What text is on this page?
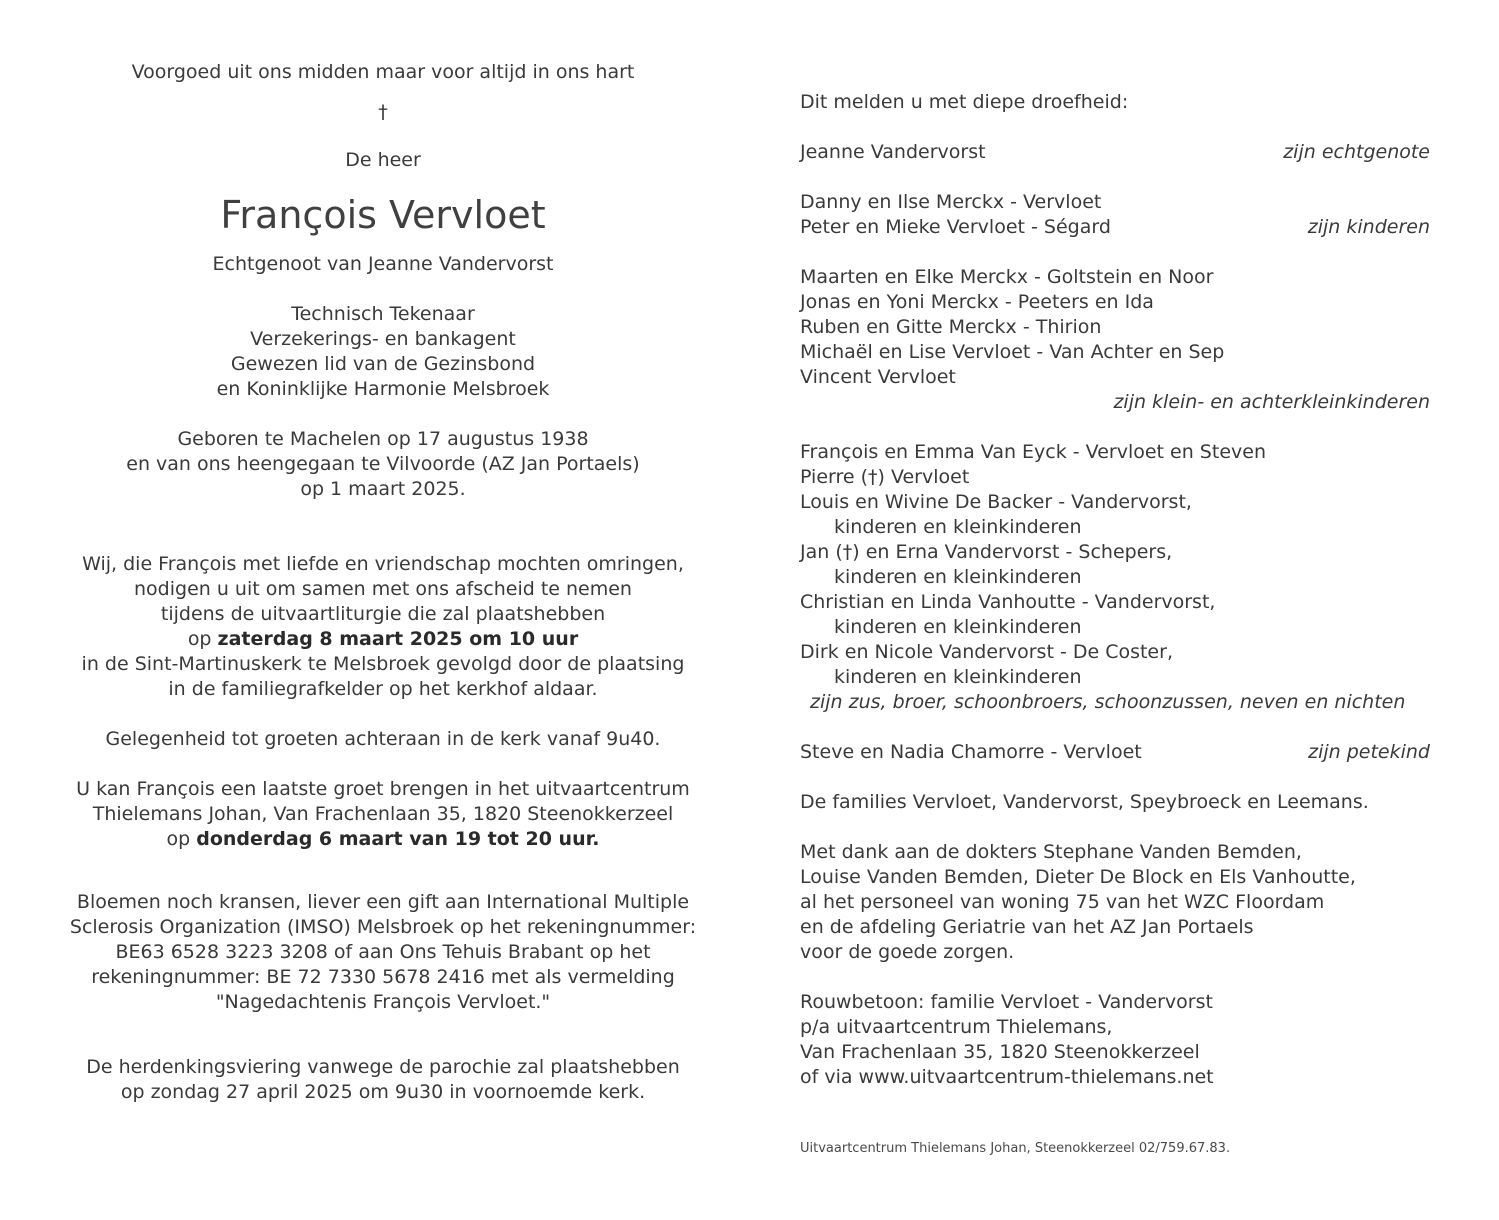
Voorgoed uit ons midden maar voor altijd in ons hart
†
De heer
François Vervloet
Echtgenoot van Jeanne Vandervorst
Technisch Tekenaar
Verzekerings- en bankagent
Gewezen lid van de Gezinsbond
en Koninklijke Harmonie Melsbroek
Geboren te Machelen op 17 augustus 1938
en van ons heengegaan te Vilvoorde (AZ Jan Portaels)
op 1 maart 2025.
Wij, die François met liefde en vriendschap mochten omringen,
nodigen u uit om samen met ons afscheid te nemen
tijdens de uitvaartliturgie die zal plaatshebben
op zaterdag 8 maart 2025 om 10 uur
in de Sint-Martinuskerk te Melsbroek gevolgd door de plaatsing
in de familiegrafkelder op het kerkhof aldaar.
Gelegenheid tot groeten achteraan in de kerk vanaf 9u40.
U kan François een laatste groet brengen in het uitvaartcentrum
Thielemans Johan, Van Frachenlaan 35, 1820 Steenokkerzeel
op donderdag 6 maart van 19 tot 20 uur.
Bloemen noch kransen, liever een gift aan International Multiple
Sclerosis Organization (IMSO) Melsbroek op het rekeningnummer:
BE63 6528 3223 3208 of aan Ons Tehuis Brabant op het
rekeningnummer: BE 72 7330 5678 2416 met als vermelding
"Nagedachtenis François Vervloet."
De herdenkingsviering vanwege de parochie zal plaatshebben
op zondag 27 april 2025 om 9u30 in voornoemde kerk.
Dit melden u met diepe droefheid:
Jeanne Vandervorst	zijn echtgenote
Danny en Ilse Merckx - Vervloet
Peter en Mieke Vervloet - Ségard	zijn kinderen
Maarten en Elke Merckx - Goltstein en Noor
Jonas en Yoni Merckx - Peeters en Ida
Ruben en Gitte Merckx - Thirion
Michaël en Lise Vervloet - Van Achter en Sep
Vincent Vervloet
zijn klein- en achterkleinkinderen
François en Emma Van Eyck - Vervloet en Steven
Pierre (†) Vervloet
Louis en Wivine De Backer - Vandervorst,
kinderen en kleinkinderen
Jan (†) en Erna Vandervorst - Schepers,
kinderen en kleinkinderen
Christian en Linda Vanhoutte - Vandervorst,
kinderen en kleinkinderen
Dirk en Nicole Vandervorst - De Coster,
kinderen en kleinkinderen
zijn zus, broer, schoonbroers, schoonzussen, neven en nichten
Steve en Nadia Chamorre - Vervloet	zijn petekind
De families Vervloet, Vandervorst, Speybroeck en Leemans.
Met dank aan de dokters Stephane Vanden Bemden,
Louise Vanden Bemden, Dieter De Block en Els Vanhoutte,
al het personeel van woning 75 van het WZC Floordam
en de afdeling Geriatrie van het AZ Jan Portaels
voor de goede zorgen.
Rouwbetoon: familie Vervloet - Vandervorst
p/a uitvaartcentrum Thielemans,
Van Frachenlaan 35, 1820 Steenokkerzeel
of via www.uitvaartcentrum-thielemans.net
Uitvaartcentrum Thielemans Johan, Steenokkerzeel 02/759.67.83.
